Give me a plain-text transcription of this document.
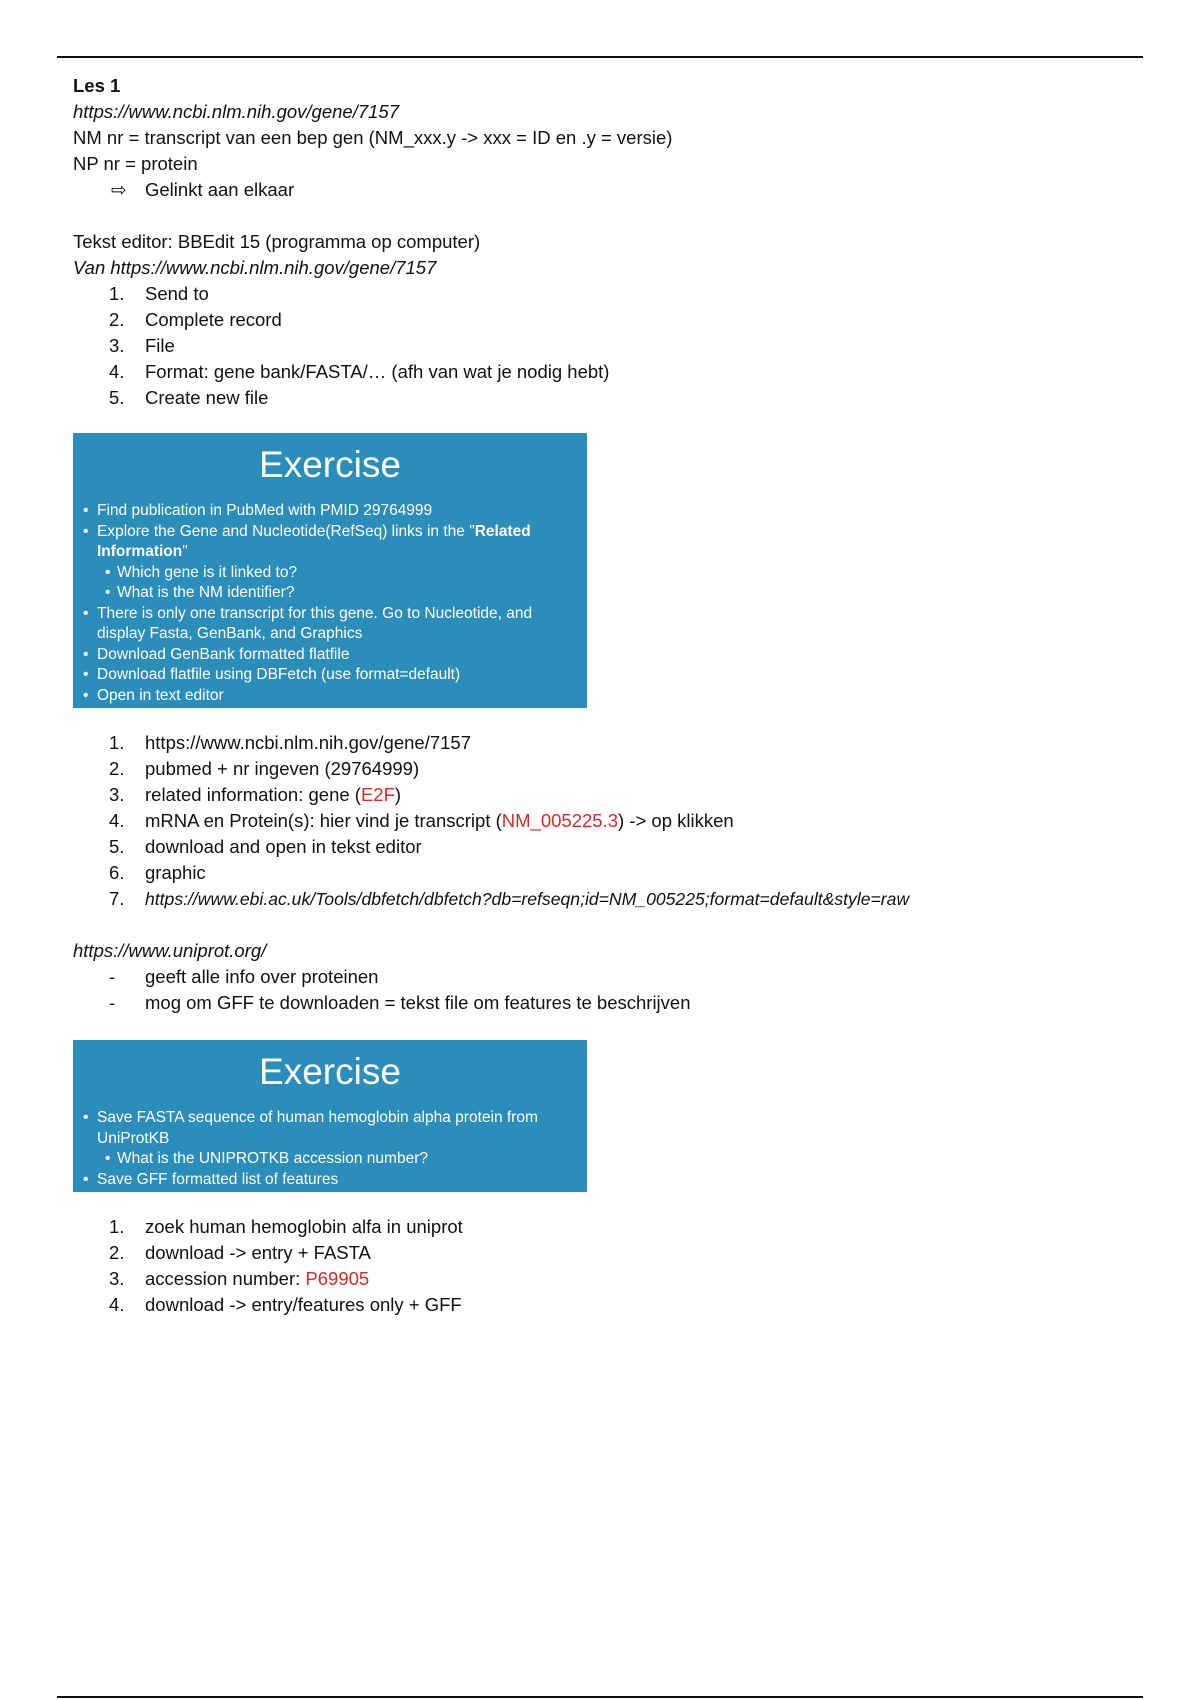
Les 1
https://www.ncbi.nlm.nih.gov/gene/7157
NM nr = transcript van een bep gen (NM_xxx.y -> xxx = ID en .y = versie)
NP nr = protein
⇨ Gelinkt aan elkaar
Tekst editor: BBEdit 15 (programma op computer)
Van https://www.ncbi.nlm.nih.gov/gene/7157
1. Send to
2. Complete record
3. File
4. Format: gene bank/FASTA/… (afh van wat je nodig hebt)
5. Create new file
Exercise
• Find publication in PubMed with PMID 29764999
• Explore the Gene and Nucleotide(RefSeq) links in the "Related Information"
• Which gene is it linked to?
• What is the NM identifier?
• There is only one transcript for this gene. Go to Nucleotide, and display Fasta, GenBank, and Graphics
• Download GenBank formatted flatfile
• Download flatfile using DBFetch (use format=default)
• Open in text editor
1. https://www.ncbi.nlm.nih.gov/gene/7157
2. pubmed + nr ingeven (29764999)
3. related information: gene (E2F)
4. mRNA en Protein(s): hier vind je transcript (NM_005225.3) -> op klikken
5. download and open in tekst editor
6. graphic
7. https://www.ebi.ac.uk/Tools/dbfetch/dbfetch?db=refseqn;id=NM_005225;format=default&style=raw
https://www.uniprot.org/
- geeft alle info over proteinen
- mog om GFF te downloaden = tekst file om features te beschrijven
Exercise
• Save FASTA sequence of human hemoglobin alpha protein from UniProtKB
• What is the UNIPROTKB accession number?
• Save GFF formatted list of features
1. zoek human hemoglobin alfa in uniprot
2. download -> entry + FASTA
3. accession number: P69905
4. download -> entry/features only + GFF
